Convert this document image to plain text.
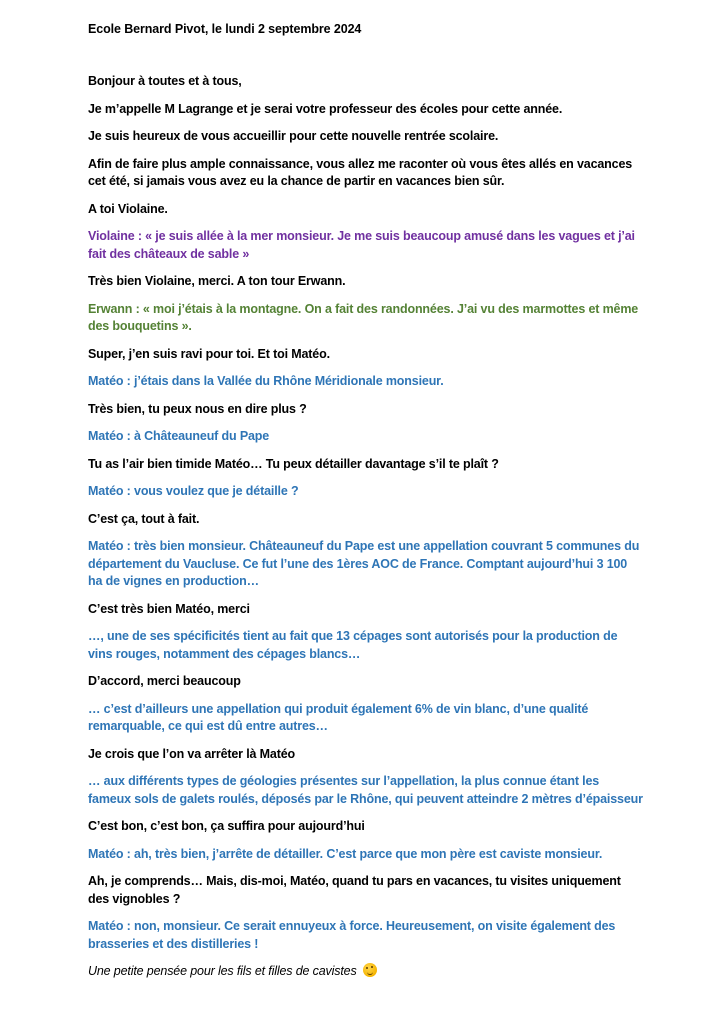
Ecole Bernard Pivot, le lundi 2 septembre 2024

Bonjour à toutes et à tous,

Je m’appelle M Lagrange et je serai votre professeur des écoles pour cette année.

Je suis heureux de vous accueillir pour cette nouvelle rentrée scolaire.

Afin de faire plus ample connaissance, vous allez me raconter où vous êtes allés en vacances cet été, si jamais vous avez eu la chance de partir en vacances bien sûr.

A toi Violaine.

Violaine : « je suis allée à la mer monsieur. Je me suis beaucoup amusé dans les vagues et j’ai fait des châteaux de sable »

Très bien Violaine, merci. A ton tour Erwann.

Erwann : « moi j’étais à la montagne. On a fait des randonnées. J’ai vu des marmottes et même des bouquetins ».

Super, j’en suis ravi pour toi. Et toi Matéo.

Matéo : j’étais dans la Vallée du Rhône Méridionale monsieur.

Très bien, tu peux nous en dire plus ?

Matéo : à Châteauneuf du Pape

Tu as l’air bien timide Matéo… Tu peux détailler davantage s’il te plaît ?

Matéo : vous voulez que je détaille ?

C’est ça, tout à fait.

Matéo : très bien monsieur. Châteauneuf du Pape est une appellation couvrant 5 communes du département du Vaucluse. Ce fut l’une des 1ères AOC de France. Comptant aujourd’hui 3 100 ha de vignes en production…

C’est très bien Matéo, merci

…, une de ses spécificités tient au fait que 13 cépages sont autorisés pour la production de vins rouges, notamment des cépages blancs…

D’accord, merci beaucoup

… c’est d’ailleurs une appellation qui produit également 6% de vin blanc, d’une qualité remarquable, ce qui est dû entre autres…

Je crois que l’on va arrêter là Matéo

… aux différents types de géologies présentes sur l’appellation, la plus connue étant les fameux sols de galets roulés, déposés par le Rhône, qui peuvent atteindre 2 mètres d’épaisseur

C’est bon, c’est bon, ça suffira pour aujourd’hui

Matéo : ah, très bien, j’arrête de détailler. C’est parce que mon père est caviste monsieur.

Ah, je comprends… Mais, dis-moi, Matéo, quand tu pars en vacances, tu visites uniquement des vignobles ?

Matéo : non, monsieur. Ce serait ennuyeux à force. Heureusement, on visite également des brasseries et des distilleries !

Une petite pensée pour les fils et filles de cavistes
